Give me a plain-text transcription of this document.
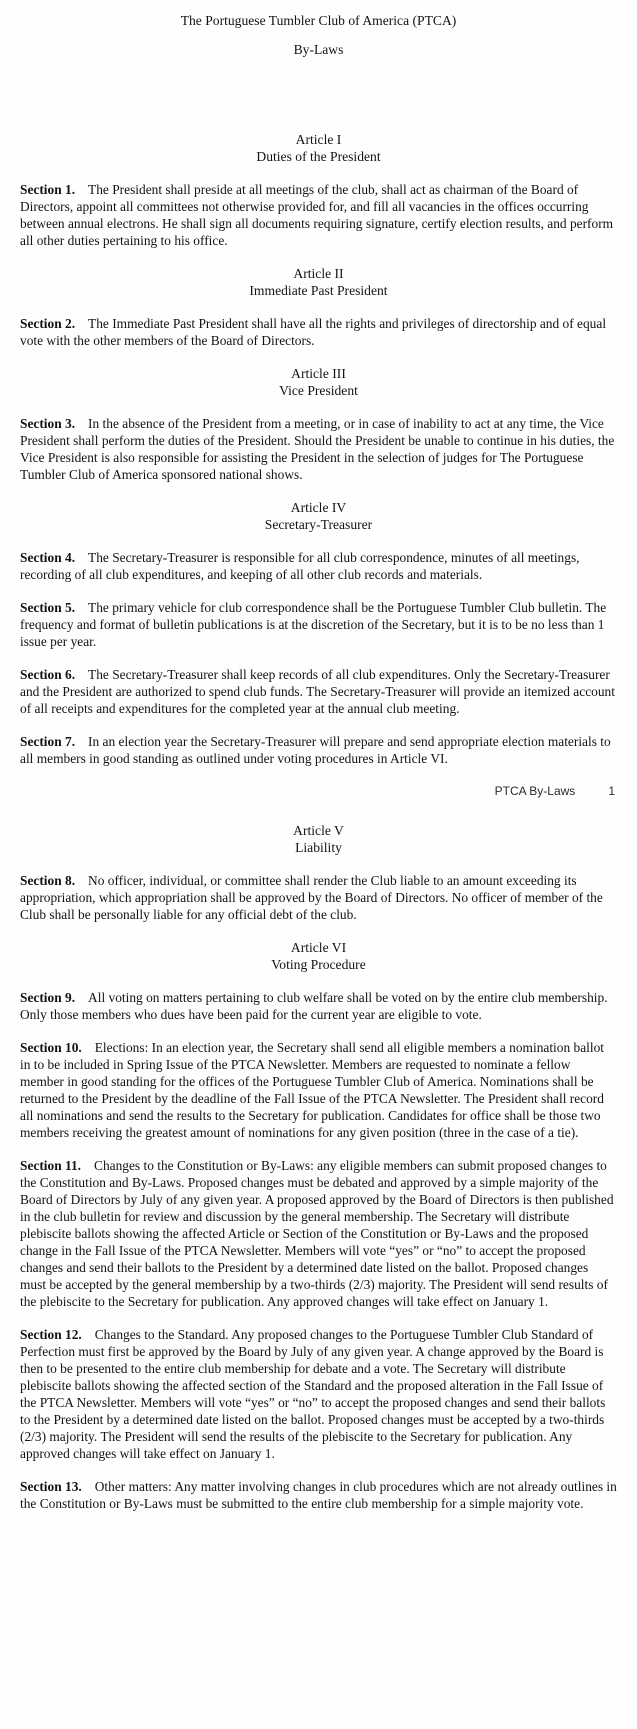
The Portuguese Tumbler Club of America (PTCA)

By-Laws

Article I
Duties of the President

Section 1. The President shall preside at all meetings of the club, shall act as chairman of the Board of Directors, appoint all committees not otherwise provided for, and fill all vacancies in the offices occurring between annual electrons. He shall sign all documents requiring signature, certify election results, and perform all other duties pertaining to his office.

Article II
Immediate Past President

Section 2. The Immediate Past President shall have all the rights and privileges of directorship and of equal vote with the other members of the Board of Directors.

Article III
Vice President

Section 3. In the absence of the President from a meeting, or in case of inability to act at any time, the Vice President shall perform the duties of the President. Should the President be unable to continue in his duties, the Vice President is also responsible for assisting the President in the selection of judges for The Portuguese Tumbler Club of America sponsored national shows.

Article IV
Secretary-Treasurer

Section 4. The Secretary-Treasurer is responsible for all club correspondence, minutes of all meetings, recording of all club expenditures, and keeping of all other club records and materials.

Section 5. The primary vehicle for club correspondence shall be the Portuguese Tumbler Club bulletin. The frequency and format of bulletin publications is at the discretion of the Secretary, but it is to be no less than 1 issue per year.

Section 6. The Secretary-Treasurer shall keep records of all club expenditures. Only the Secretary-Treasurer and the President are authorized to spend club funds. The Secretary-Treasurer will provide an itemized account of all receipts and expenditures for the completed year at the annual club meeting.

Section 7. In an election year the Secretary-Treasurer will prepare and send appropriate election materials to all members in good standing as outlined under voting procedures in Article VI.

PTCA By-Laws	1
Article V
Liability

Section 8. No officer, individual, or committee shall render the Club liable to an amount exceeding its appropriation, which appropriation shall be approved by the Board of Directors. No officer of member of the Club shall be personally liable for any official debt of the club.

Article VI
Voting Procedure

Section 9. All voting on matters pertaining to club welfare shall be voted on by the entire club membership. Only those members who dues have been paid for the current year are eligible to vote.

Section 10. Elections: In an election year, the Secretary shall send all eligible members a nomination ballot in to be included in Spring Issue of the PTCA Newsletter. Members are requested to nominate a fellow member in good standing for the offices of the Portuguese Tumbler Club of America. Nominations shall be returned to the President by the deadline of the Fall Issue of the PTCA Newsletter. The President shall record all nominations and send the results to the Secretary for publication. Candidates for office shall be those two members receiving the greatest amount of nominations for any given position (three in the case of a tie).

Section 11. Changes to the Constitution or By-Laws: any eligible members can submit proposed changes to the Constitution and By-Laws. Proposed changes must be debated and approved by a simple majority of the Board of Directors by July of any given year. A proposed approved by the Board of Directors is then published in the club bulletin for review and discussion by the general membership. The Secretary will distribute plebiscite ballots showing the affected Article or Section of the Constitution or By-Laws and the proposed change in the Fall Issue of the PTCA Newsletter. Members will vote “yes” or “no” to accept the proposed changes and send their ballots to the President by a determined date listed on the ballot. Proposed changes must be accepted by the general membership by a two-thirds (2/3) majority. The President will send results of the plebiscite to the Secretary for publication. Any approved changes will take effect on January 1.

Section 12. Changes to the Standard. Any proposed changes to the Portuguese Tumbler Club Standard of Perfection must first be approved by the Board by July of any given year. A change approved by the Board is then to be presented to the entire club membership for debate and a vote. The Secretary will distribute plebiscite ballots showing the affected section of the Standard and the proposed alteration in the Fall Issue of the PTCA Newsletter. Members will vote “yes” or “no” to accept the proposed changes and send their ballots to the President by a determined date listed on the ballot. Proposed changes must be accepted by a two-thirds (2/3) majority. The President will send the results of the plebiscite to the Secretary for publication. Any approved changes will take effect on January 1.

Section 13. Other matters: Any matter involving changes in club procedures which are not already outlines in the Constitution or By-Laws must be submitted to the entire club membership for a simple majority vote.
